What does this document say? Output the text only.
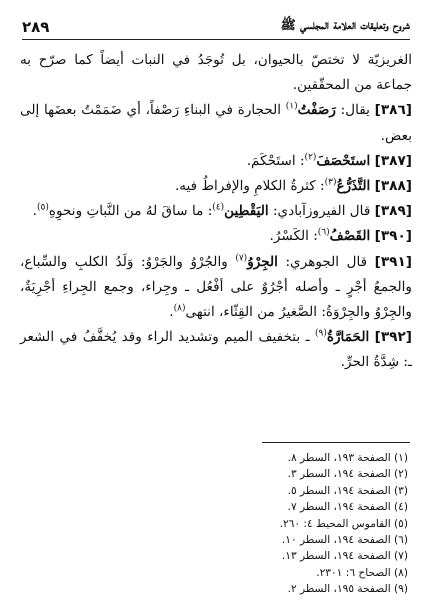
٢٨٩	شروح وتعليقات العلامة المجلسي ﷺ

الغريزيّة لا تختصّ بالحيوان، بل تُوجَدُ في النبات أيضاً كما صرّح به جماعة من المحقّقين.

[٣٨٦] يقال: رَصَفْتُ$^{(١)}$ الحجارة في البناءِ رَصْفاً، أي ضَمَمْتُ بعضَها إلى بعض.

[٣٨٧] استَحْصَفَ$^{(٢)}$: استَحْكَمَ.

[٣٨٨] التَّذَرُّعُ$^{(٣)}$: كثرةُ الكلامِ والإفراطُ فيه.

[٣٨٩] قال الفيروزآبادي: اليَقْطِين$^{(٤)}$: ما ساقَ لهُ من النَّباتِ ونحوِهِ$^{(٥)}$.

[٣٩٠] القَصْفُ$^{(٦)}$: الكَسْرُ.

[٣٩١] قال الجوهري: الجِرْوُ$^{(٧)}$ والجُرْوُ والجَرْوُ: وَلَدُ الكلبِ والسِّباع، والجمعُ أجْرٍ ـ وأصله أجْرُوٌ على أفْعُل ـ وجِراء، وجمع الجِراءِ أجْرِيَةٌ، والجِرْوُ والجِرْوَةُ: الصَّغيرُ من القِثّاء، انتهى$^{(٨)}$.

[٣٩٢] الحَمَارَّةُ$^{(٩)}$ ـ بتخفيف الميم وتشديد الراء وقد يُخفَّفُ في الشعر ـ: شِدَّةُ الحرِّ.

(١) الصفحة ١٩٣، السطر ٨.
(٢) الصفحة ١٩٤، السطر ٣.
(٣) الصفحة ١٩٤، السطر ٥.
(٤) الصفحة ١٩٤، السطر ٧.
(٥) القاموس المحيط ٤: ٢٦٠.
(٦) الصفحة ١٩٤، السطر ١٠.
(٧) الصفحة ١٩٤، السطر ١٣.
(٨) الصحاح ٦: ٢٣٠١.
(٩) الصفحة ١٩٥، السطر ٢.
